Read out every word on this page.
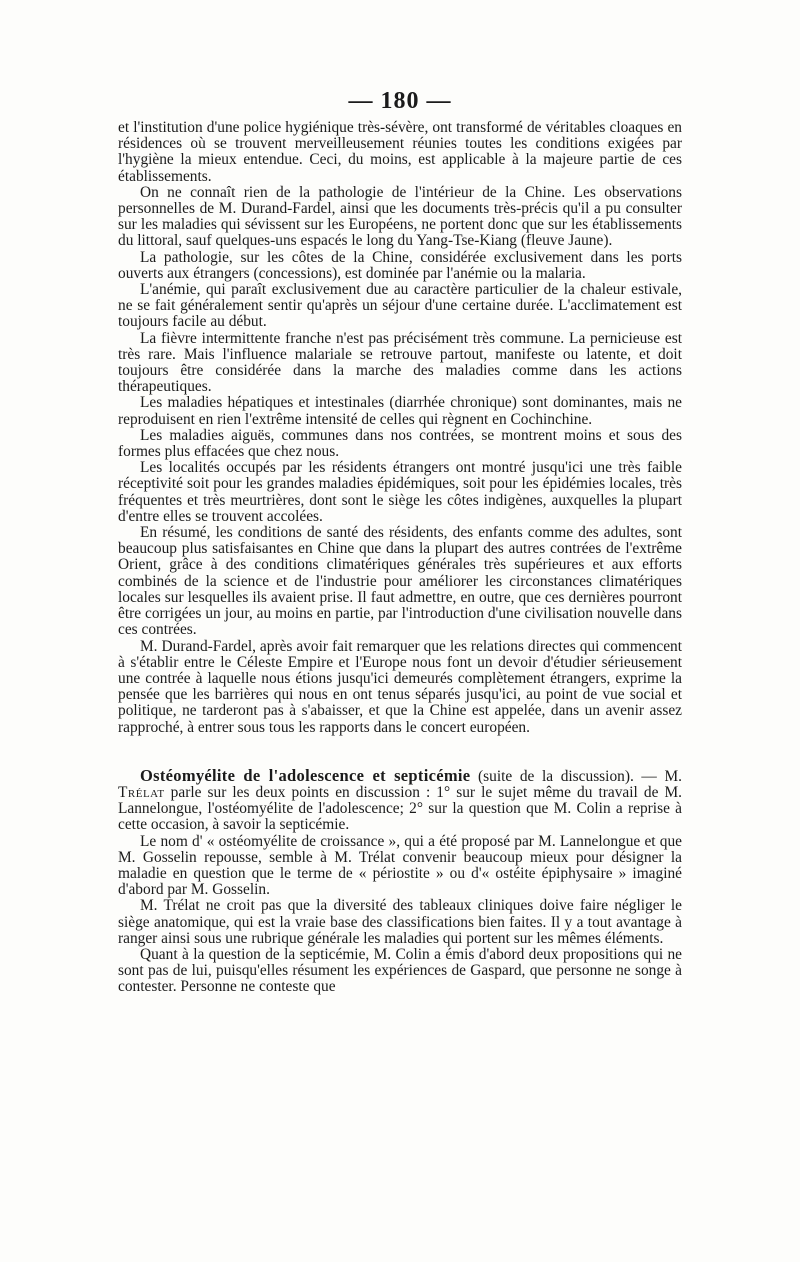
— 180 —

et l'institution d'une police hygiénique très-sévère, ont transformé de véritables cloaques en résidences où se trouvent merveilleusement réunies toutes les conditions exigées par l'hygiène la mieux entendue. Ceci, du moins, est applicable à la majeure partie de ces établissements.

On ne connaît rien de la pathologie de l'intérieur de la Chine. Les observations personnelles de M. Durand-Fardel, ainsi que les documents très-précis qu'il a pu consulter sur les maladies qui sévissent sur les Européens, ne portent donc que sur les établissements du littoral, sauf quelques-uns espacés le long du Yang-Tse-Kiang (fleuve Jaune).

La pathologie, sur les côtes de la Chine, considérée exclusivement dans les ports ouverts aux étrangers (concessions), est dominée par l'anémie ou la malaria.

L'anémie, qui paraît exclusivement due au caractère particulier de la chaleur estivale, ne se fait généralement sentir qu'après un séjour d'une certaine durée. L'acclimatement est toujours facile au début.

La fièvre intermittente franche n'est pas précisément très commune. La pernicieuse est très rare. Mais l'influence malariale se retrouve partout, manifeste ou latente, et doit toujours être considérée dans la marche des maladies comme dans les actions thérapeutiques.

Les maladies hépatiques et intestinales (diarrhée chronique) sont dominantes, mais ne reproduisent en rien l'extrême intensité de celles qui règnent en Cochinchine.

Les maladies aiguës, communes dans nos contrées, se montrent moins et sous des formes plus effacées que chez nous.

Les localités occupés par les résidents étrangers ont montré jusqu'ici une très faible réceptivité soit pour les grandes maladies épidémiques, soit pour les épidémies locales, très fréquentes et très meurtrières, dont sont le siège les côtes indigènes, auxquelles la plupart d'entre elles se trouvent accolées.

En résumé, les conditions de santé des résidents, des enfants comme des adultes, sont beaucoup plus satisfaisantes en Chine que dans la plupart des autres contrées de l'extrême Orient, grâce à des conditions climatériques générales très supérieures et aux efforts combinés de la science et de l'industrie pour améliorer les circonstances climatériques locales sur lesquelles ils avaient prise. Il faut admettre, en outre, que ces dernières pourront être corrigées un jour, au moins en partie, par l'introduction d'une civilisation nouvelle dans ces contrées.

M. Durand-Fardel, après avoir fait remarquer que les relations directes qui commencent à s'établir entre le Céleste Empire et l'Europe nous font un devoir d'étudier sérieusement une contrée à laquelle nous étions jusqu'ici demeurés complètement étrangers, exprime la pensée que les barrières qui nous en ont tenus séparés jusqu'ici, au point de vue social et politique, ne tarderont pas à s'abaisser, et que la Chine est appelée, dans un avenir assez rapproché, à entrer sous tous les rapports dans le concert européen.

Ostéomyélite de l'adolescence et septicémie (suite de la discussion). — M. Trélat parle sur les deux points en discussion : 1° sur le sujet même du travail de M. Lannelongue, l'ostéomyélite de l'adolescence; 2° sur la question que M. Colin a reprise à cette occasion, à savoir la septicémie.

Le nom d' « ostéomyélite de croissance », qui a été proposé par M. Lannelongue et que M. Gosselin repousse, semble à M. Trélat convenir beaucoup mieux pour désigner la maladie en question que le terme de « périostite » ou d'« ostéite épiphysaire » imaginé d'abord par M. Gosselin.

M. Trélat ne croit pas que la diversité des tableaux cliniques doive faire négliger le siège anatomique, qui est la vraie base des classifications bien faites. Il y a tout avantage à ranger ainsi sous une rubrique générale les maladies qui portent sur les mêmes éléments.

Quant à la question de la septicémie, M. Colin a émis d'abord deux propositions qui ne sont pas de lui, puisqu'elles résument les expériences de Gaspard, que personne ne songe à contester. Personne ne conteste que
